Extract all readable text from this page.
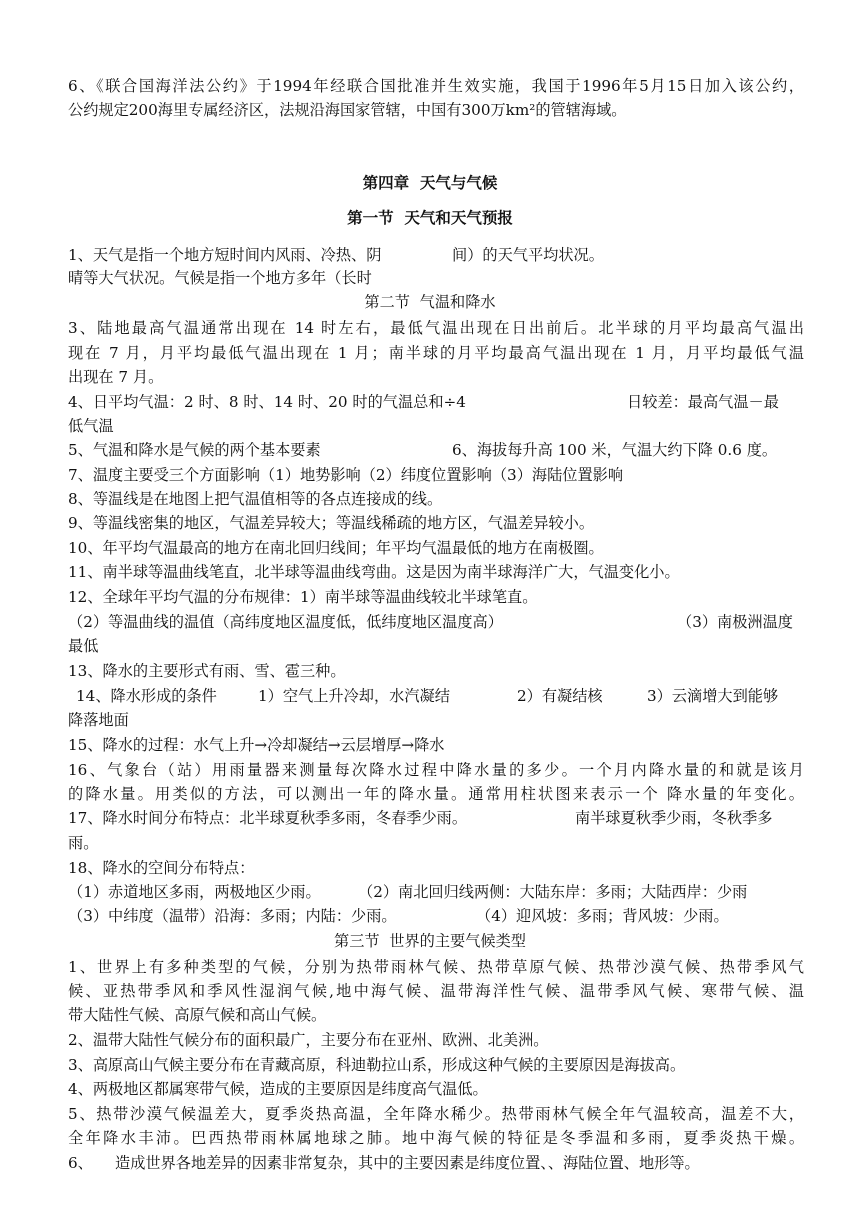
6、《联合国海洋法公约》于1994年经联合国批准并生效实施，我国于1996年5月15日加入该公约，
公约规定200海里专属经济区，法规沿海国家管辖，中国有300万km²的管辖海域。
第四章  天气与气候
第一节  天气和天气预报
1、天气是指一个地方短时间内风雨、冷热、阴	间）的天气平均状况。
晴等大气状况。气候是指一个地方多年（长时
第二节  气温和降水
3、陆地最高气温通常出现在 14 时左右，最低气温出现在日出前后。北半球的月平均最高气温出
现在 7 月，月平均最低气温出现在 1 月；南半球的月平均最高气温出现在 1 月，月平均最低气温
出现在 7 月。
4、日平均气温：2 时、8 时、14 时、20 时的气温总和÷4	日较差：最高气温－最
低气温
5、气温和降水是气候的两个基本要素	6、海拔每升高 100 米，气温大约下降 0.6 度。
7、温度主要受三个方面影响（1）地势影响（2）纬度位置影响（3）海陆位置影响
8、等温线是在地图上把气温值相等的各点连接成的线。
9、等温线密集的地区，气温差异较大；等温线稀疏的地方区，气温差异较小。
10、年平均气温最高的地方在南北回归线间；年平均气温最低的地方在南极圈。
11、南半球等温曲线笔直，北半球等温曲线弯曲。这是因为南半球海洋广大，气温变化小。
12、全球年平均气温的分布规律：1）南半球等温曲线较北半球笔直。
（2）等温曲线的温值（高纬度地区温度低，低纬度地区温度高）	（3）南极洲温度
最低
13、降水的主要形式有雨、雪、雹三种。
14、降水形成的条件	1）空气上升冷却，水汽凝结	2）有凝结核	3）云滴增大到能够
降落地面
15、降水的过程：水气上升→冷却凝结→云层增厚→降水
16、气象台（站）用雨量器来测量每次降水过程中降水量的多少。一个月内降水量的和就是该月
的降水量。用类似的方法，可以测出一年的降水量。通常用柱状图来表示一个 降水量的年变化。
17、降水时间分布特点：北半球夏秋季多雨，冬春季少雨。	南半球夏秋季少雨，冬秋季多
雨。
18、降水的空间分布特点：
（1）赤道地区多雨，两极地区少雨。 （2）南北回归线两侧：大陆东岸：多雨；大陆西岸：少雨
（3）中纬度（温带）沿海：多雨；内陆：少雨。	（4）迎风坡：多雨；背风坡：少雨。
第三节  世界的主要气候类型
1、世界上有多种类型的气候，分别为热带雨林气候、热带草原气候、热带沙漠气候、热带季风气
候、亚热带季风和季风性湿润气候,地中海气候、温带海洋性气候、温带季风气候、寒带气候、温
带大陆性气候、高原气候和高山气候。
2、温带大陆性气候分布的面积最广，主要分布在亚州、欧洲、北美洲。
3、高原高山气候主要分布在青藏高原，科迪勒拉山系，形成这种气候的主要原因是海拔高。
4、两极地区都属寒带气候，造成的主要原因是纬度高气温低。
5、热带沙漠气候温差大，夏季炎热高温，全年降水稀少。热带雨林气候全年气温较高，温差不大，
全年降水丰沛。巴西热带雨林属地球之肺。地中海气候的特征是冬季温和多雨，夏季炎热干燥。
6、 造成世界各地差异的因素非常复杂，其中的主要因素是纬度位置、、海陆位置、地形等。
